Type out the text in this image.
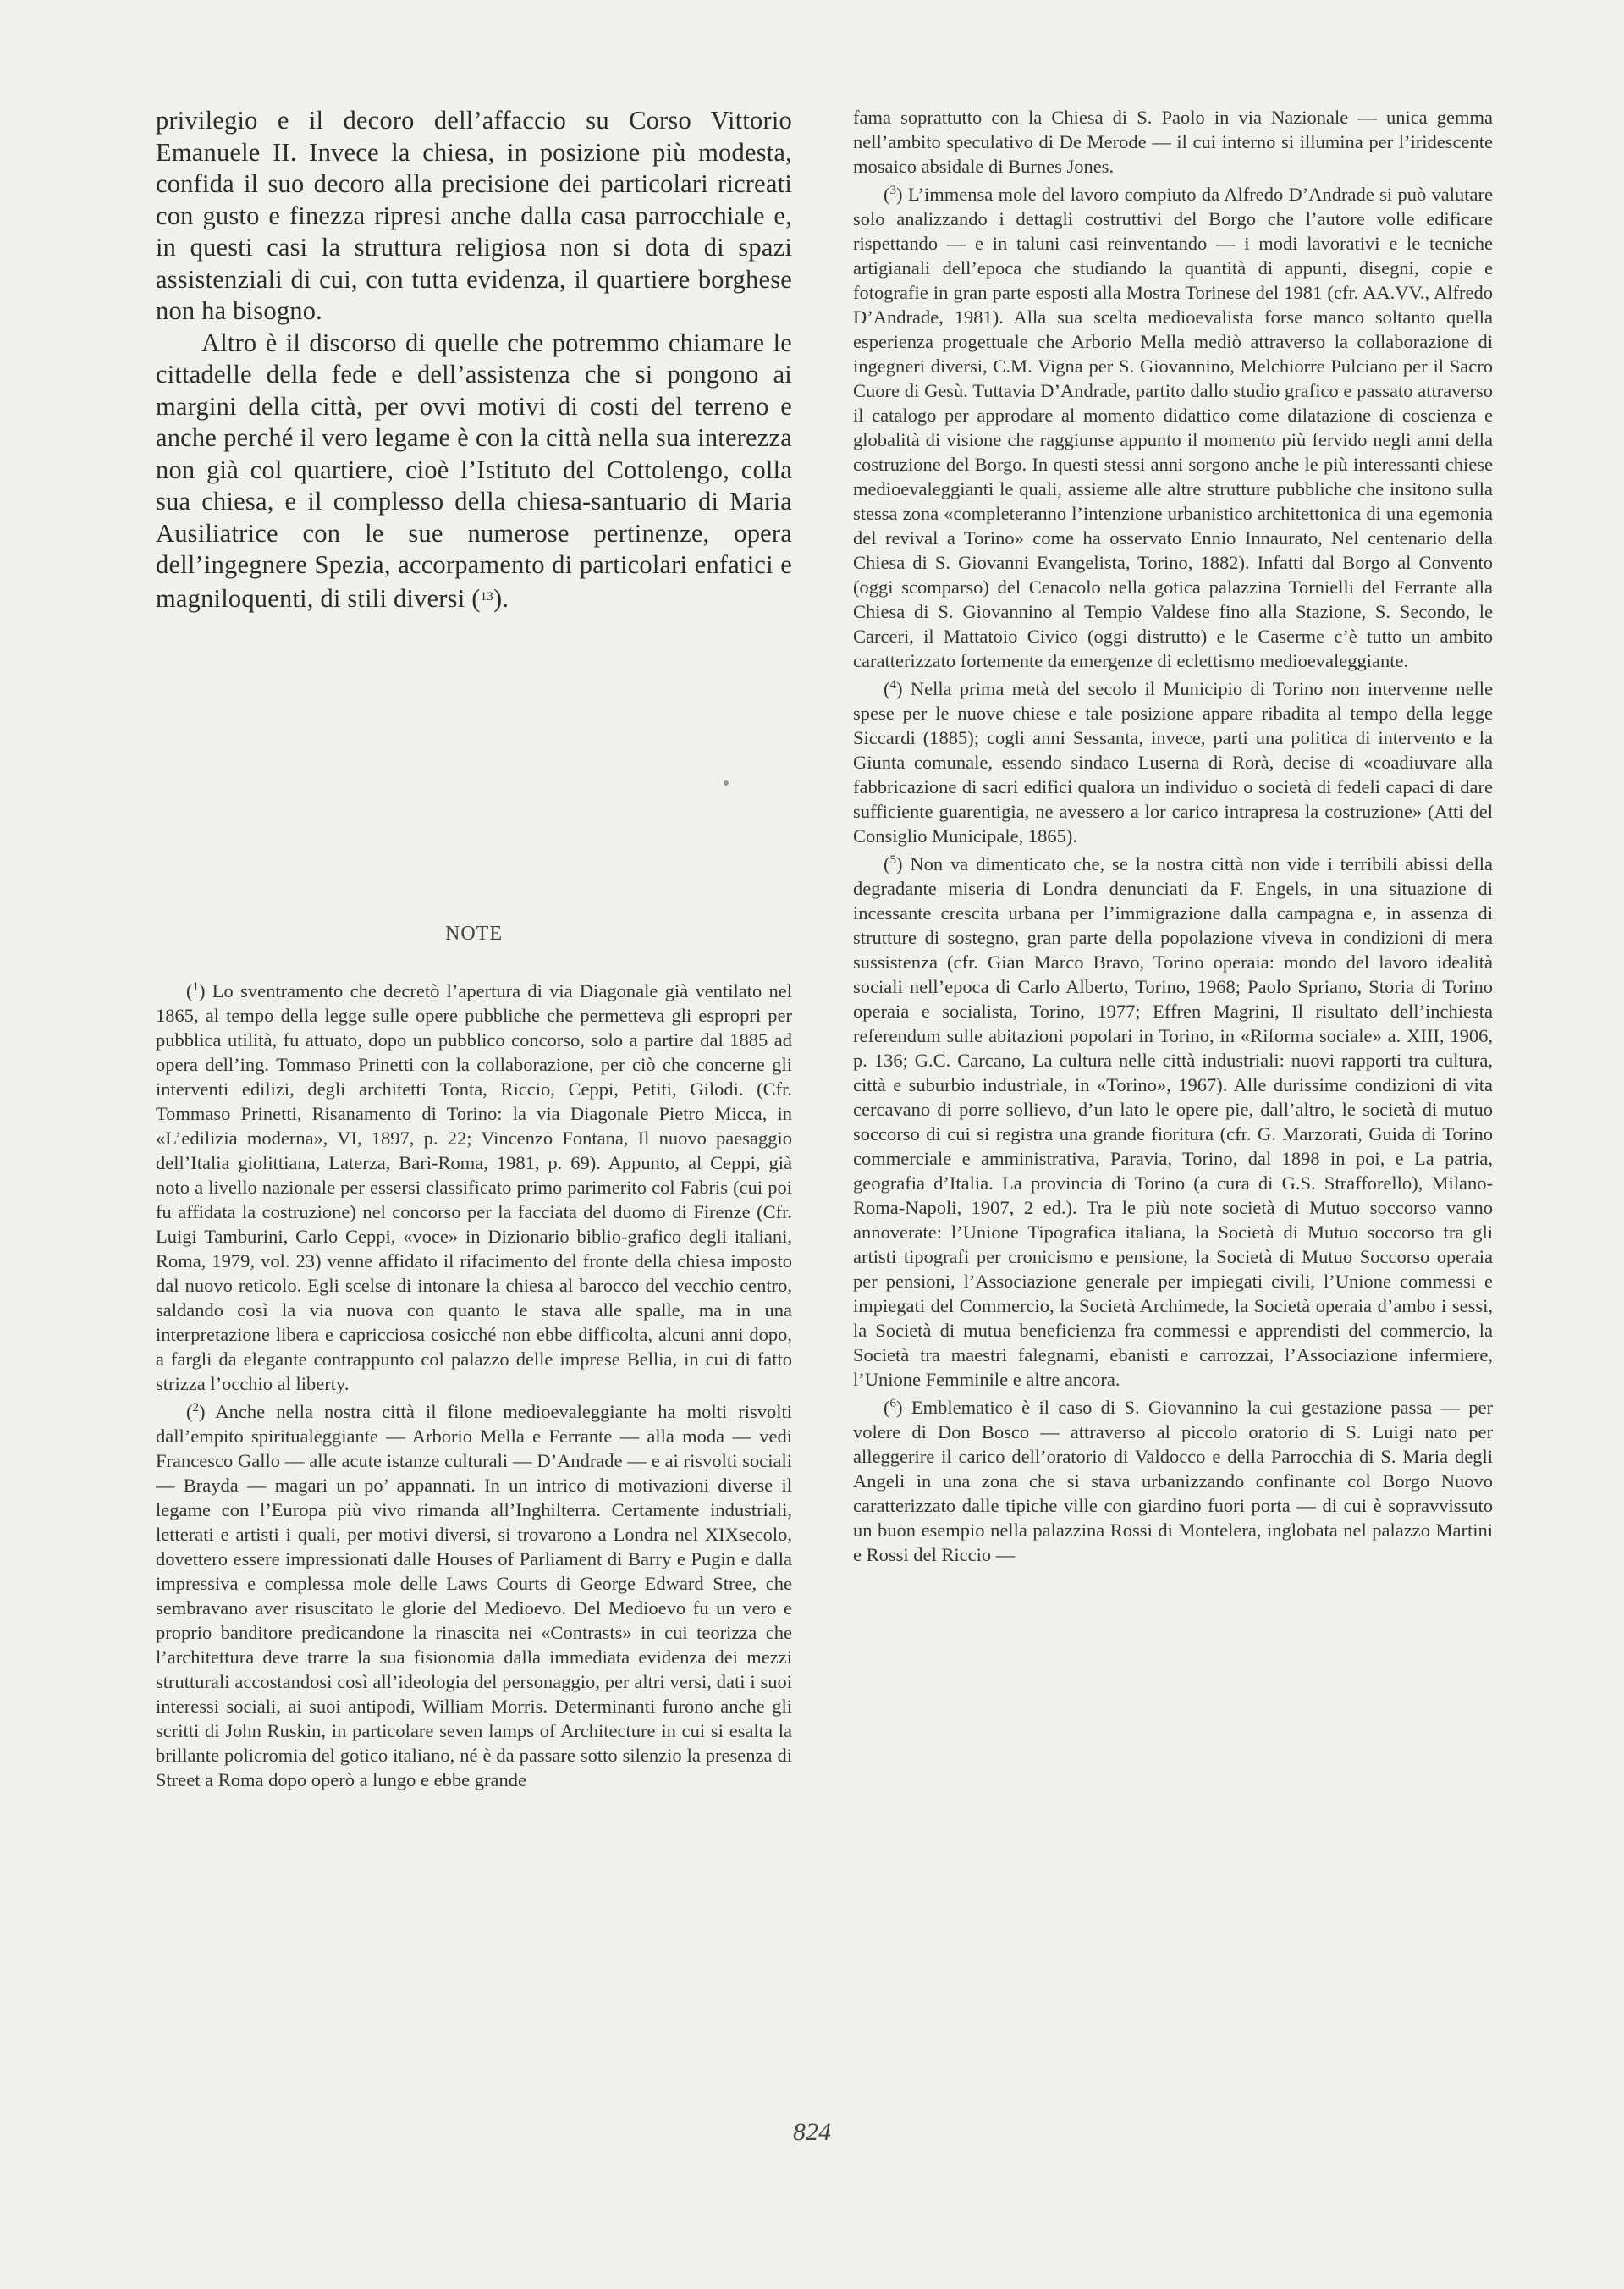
privilegio e il decoro dell’affaccio su Corso Vittorio Emanuele II. Invece la chiesa, in posizione più modesta, confida il suo decoro alla precisione dei particolari ricreati con gusto e finezza ripresi anche dalla casa parrocchiale e, in questi casi la struttura religiosa non si dota di spazi assistenziali di cui, con tutta evidenza, il quartiere borghese non ha bisogno.

Altro è il discorso di quelle che potremmo chiamare le cittadelle della fede e dell’assistenza che si pongono ai margini della città, per ovvi motivi di costi del terreno e anche perché il vero legame è con la città nella sua interezza non già col quartiere, cioè l’Istituto del Cottolengo, colla sua chiesa, e il complesso della chiesa-santuario di Maria Ausiliatrice con le sue numerose pertinenze, opera dell’ingegnere Spezia, accorpamento di particolari enfatici e magniloquenti, di stili diversi ($^{13}$).

NOTE

($^1$) Lo sventramento che decretò l’apertura di via Diagonale già ventilato nel 1865, al tempo della legge sulle opere pubbliche che permetteva gli espropri per pubblica utilità, fu attuato, dopo un pubblico concorso, solo a partire dal 1885 ad opera dell’ing. Tommaso Prinetti con la collaborazione, per ciò che concerne gli interventi edilizi, degli architetti Tonta, Riccio, Ceppi, Petiti, Gilodi. (Cfr. Tommaso Prinetti, Risanamento di Torino: la via Diagonale Pietro Micca, in «L’edilizia moderna», VI, 1897, p. 22; Vincenzo Fontana, Il nuovo paesaggio dell’Italia giolittiana, Laterza, Bari-Roma, 1981, p. 69). Appunto, al Ceppi, già noto a livello nazionale per essersi classificato primo parimerito col Fabris (cui poi fu affidata la costruzione) nel concorso per la facciata del duomo di Firenze (Cfr. Luigi Tamburini, Carlo Ceppi, «voce» in Dizionario biblio-grafico degli italiani, Roma, 1979, vol. 23) venne affidato il rifacimento del fronte della chiesa imposto dal nuovo reticolo. Egli scelse di intonare la chiesa al barocco del vecchio centro, saldando così la via nuova con quanto le stava alle spalle, ma in una interpretazione libera e capricciosa cosicché non ebbe difficolta, alcuni anni dopo, a fargli da elegante contrappunto col palazzo delle imprese Bellia, in cui di fatto strizza l’occhio al liberty.

($^2$) Anche nella nostra città il filone medioevaleggiante ha molti risvolti dall’empito spiritualeggiante — Arborio Mella e Ferrante — alla moda — vedi Francesco Gallo — alle acute istanze culturali — D’Andrade — e ai risvolti sociali — Brayda — magari un po’ appannati. In un intrico di motivazioni diverse il legame con l’Europa più vivo rimanda all’Inghilterra. Certamente industriali, letterati e artisti i quali, per motivi diversi, si trovarono a Londra nel XIXsecolo, dovettero essere impressionati dalle Houses of Parliament di Barry e Pugin e dalla impressiva e complessa mole delle Laws Courts di George Edward Stree, che sembravano aver risuscitato le glorie del Medioevo. Del Medioevo fu un vero e proprio banditore predicandone la rinascita nei «Contrasts» in cui teorizza che l’architettura deve trarre la sua fisionomia dalla immediata evidenza dei mezzi strutturali accostandosi così all’ideologia del personaggio, per altri versi, dati i suoi interessi sociali, ai suoi antipodi, William Morris. Determinanti furono anche gli scritti di John Ruskin, in particolare seven lamps of Architecture in cui si esalta la brillante policromia del gotico italiano, né è da passare sotto silenzio la presenza di Street a Roma dopo operò a lungo e ebbe grande

fama soprattutto con la Chiesa di S. Paolo in via Nazionale — unica gemma nell’ambito speculativo di De Merode — il cui interno si illumina per l’iridescente mosaico absidale di Burnes Jones.

($^3$) L’immensa mole del lavoro compiuto da Alfredo D’Andrade si può valutare solo analizzando i dettagli costruttivi del Borgo che l’autore volle edificare rispettando — e in taluni casi reinventando — i modi lavorativi e le tecniche artigianali dell’epoca che studiando la quantità di appunti, disegni, copie e fotografie in gran parte esposti alla Mostra Torinese del 1981 (cfr. AA.VV., Alfredo D’Andrade, 1981). Alla sua scelta medioevalista forse manco soltanto quella esperienza progettuale che Arborio Mella mediò attraverso la collaborazione di ingegneri diversi, C.M. Vigna per S. Giovannino, Melchiorre Pulciano per il Sacro Cuore di Gesù. Tuttavia D’Andrade, partito dallo studio grafico e passato attraverso il catalogo per approdare al momento didattico come dilatazione di coscienza e globalità di visione che raggiunse appunto il momento più fervido negli anni della costruzione del Borgo. In questi stessi anni sorgono anche le più interessanti chiese medioevaleggianti le quali, assieme alle altre strutture pubbliche che insitono sulla stessa zona «completeranno l’intenzione urbanistico architettonica di una egemonia del revival a Torino» come ha osservato Ennio Innaurato, Nel centenario della Chiesa di S. Giovanni Evangelista, Torino, 1882). Infatti dal Borgo al Convento (oggi scomparso) del Cenacolo nella gotica palazzina Tornielli del Ferrante alla Chiesa di S. Giovannino al Tempio Valdese fino alla Stazione, S. Secondo, le Carceri, il Mattatoio Civico (oggi distrutto) e le Caserme c’è tutto un ambito caratterizzato fortemente da emergenze di eclettismo medioevaleggiante.

($^4$) Nella prima metà del secolo il Municipio di Torino non intervenne nelle spese per le nuove chiese e tale posizione appare ribadita al tempo della legge Siccardi (1885); cogli anni Sessanta, invece, parti una politica di intervento e la Giunta comunale, essendo sindaco Luserna di Rorà, decise di «coadiuvare alla fabbricazione di sacri edifici qualora un individuo o società di fedeli capaci di dare sufficiente guarentigia, ne avessero a lor carico intrapresa la costruzione» (Atti del Consiglio Municipale, 1865).

($^5$) Non va dimenticato che, se la nostra città non vide i terribili abissi della degradante miseria di Londra denunciati da F. Engels, in una situazione di incessante crescita urbana per l’immigrazione dalla campagna e, in assenza di strutture di sostegno, gran parte della popolazione viveva in condizioni di mera sussistenza (cfr. Gian Marco Bravo, Torino operaia: mondo del lavoro idealità sociali nell’epoca di Carlo Alberto, Torino, 1968; Paolo Spriano, Storia di Torino operaia e socialista, Torino, 1977; Effren Magrini, Il risultato dell’inchiesta referendum sulle abitazioni popolari in Torino, in «Riforma sociale» a. XIII, 1906, p. 136; G.C. Carcano, La cultura nelle città industriali: nuovi rapporti tra cultura, città e suburbio industriale, in «Torino», 1967). Alle durissime condizioni di vita cercavano di porre sollievo, d’un lato le opere pie, dall’altro, le società di mutuo soccorso di cui si registra una grande fioritura (cfr. G. Marzorati, Guida di Torino commerciale e amministrativa, Paravia, Torino, dal 1898 in poi, e La patria, geografia d’Italia. La provincia di Torino (a cura di G.S. Strafforello), Milano-Roma-Napoli, 1907, 2 ed.). Tra le più note società di Mutuo soccorso vanno annoverate: l’Unione Tipografica italiana, la Società di Mutuo soccorso tra gli artisti tipografi per cronicismo e pensione, la Società di Mutuo Soccorso operaia per pensioni, l’Associazione generale per impiegati civili, l’Unione commessi e impiegati del Commercio, la Società Archimede, la Società operaia d’ambo i sessi, la Società di mutua beneficienza fra commessi e apprendisti del commercio, la Società tra maestri falegnami, ebanisti e carrozzai, l’Associazione infermiere, l’Unione Femminile e altre ancora.

($^6$) Emblematico è il caso di S. Giovannino la cui gestazione passa — per volere di Don Bosco — attraverso al piccolo oratorio di S. Luigi nato per alleggerire il carico dell’oratorio di Valdocco e della Parrocchia di S. Maria degli Angeli in una zona che si stava urbanizzando confinante col Borgo Nuovo caratterizzato dalle tipiche ville con giardino fuori porta — di cui è sopravvissuto un buon esempio nella palazzina Rossi di Montelera, inglobata nel palazzo Martini e Rossi del Riccio —

824
